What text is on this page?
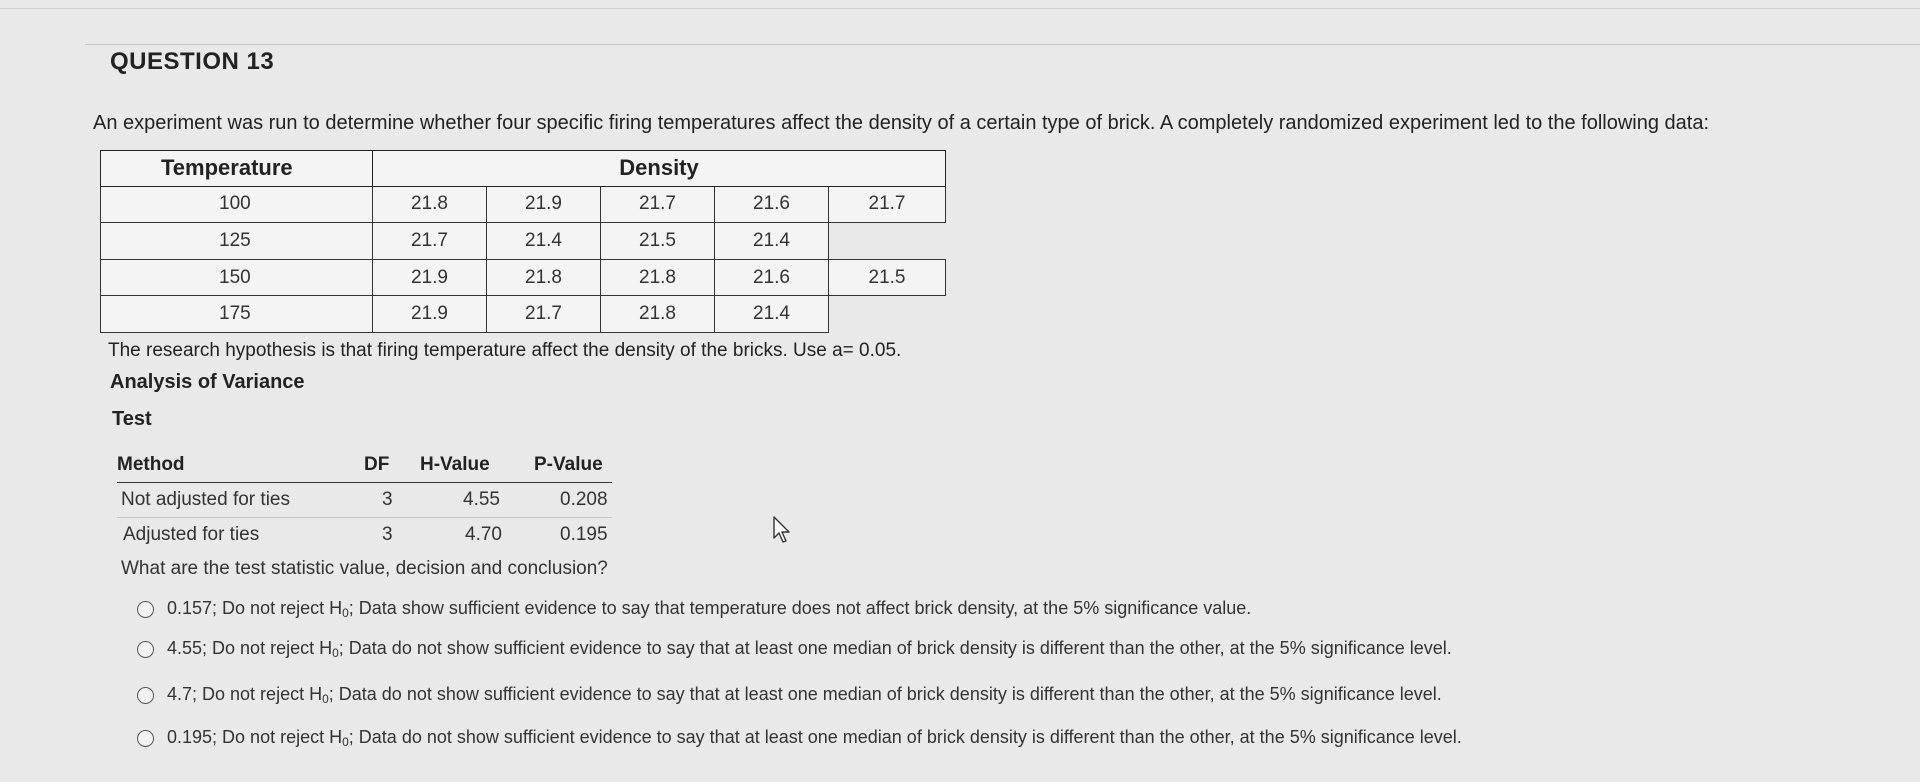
QUESTION 13
An experiment was run to determine whether four specific firing temperatures affect the density of a certain type of brick. A completely randomized experiment led to the following data:
Temperature	Density				
100	21.8	21.9	21.7	21.6	21.7
125	21.7	21.4	21.5	21.4	
150	21.9	21.8	21.8	21.6	21.5
175	21.9	21.7	21.8	21.4	
The research hypothesis is that firing temperature affect the density of the bricks. Use a= 0.05.
Analysis of Variance
Test
Method	DF H-Value P-Value
Not adjusted for ties	3	4.55	0.208
Adjusted for ties	3	4.70	0.195
What are the test statistic value, decision and conclusion?
0.157; Do not reject $H_0$; Data show sufficient evidence to say that temperature does not affect brick density, at the 5% significance value.
4.55; Do not reject $H_0$; Data do not show sufficient evidence to say that at least one median of brick density is different than the other, at the 5% significance level.
4.7; Do not reject $H_0$; Data do not show sufficient evidence to say that at least one median of brick density is different than the other, at the 5% significance level.
0.195; Do not reject $H_0$; Data do not show sufficient evidence to say that at least one median of brick density is different than the other, at the 5% significance level.
